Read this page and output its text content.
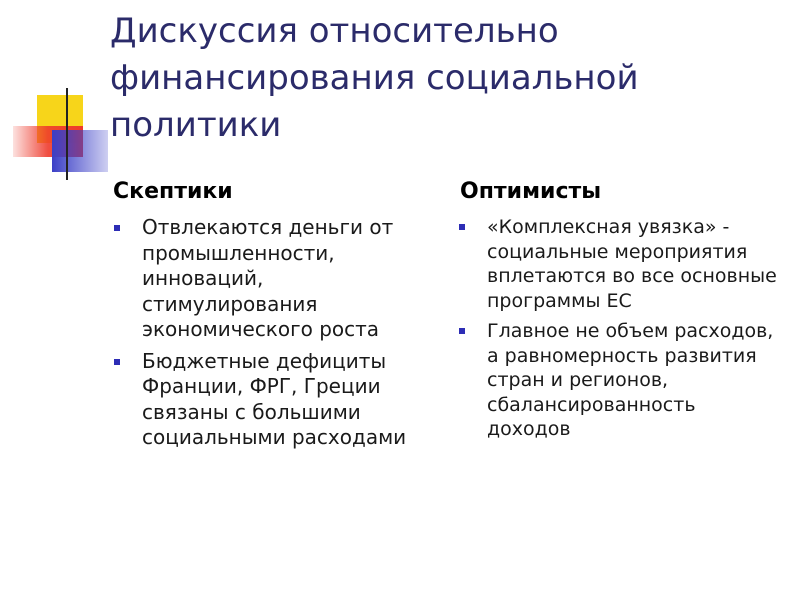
Дискуссия относительно финансирования социальной политики
Скептики
Отвлекаются деньги от промышленности, инноваций, стимулирования экономического роста
Бюджетные дефициты Франции, ФРГ, Греции связаны с большими социальными расходами
Оптимисты
«Комплексная увязка» - социальные мероприятия вплетаются во все основные программы ЕС
Главное не объем расходов, а равномерность развития стран и регионов, сбалансированность доходов
